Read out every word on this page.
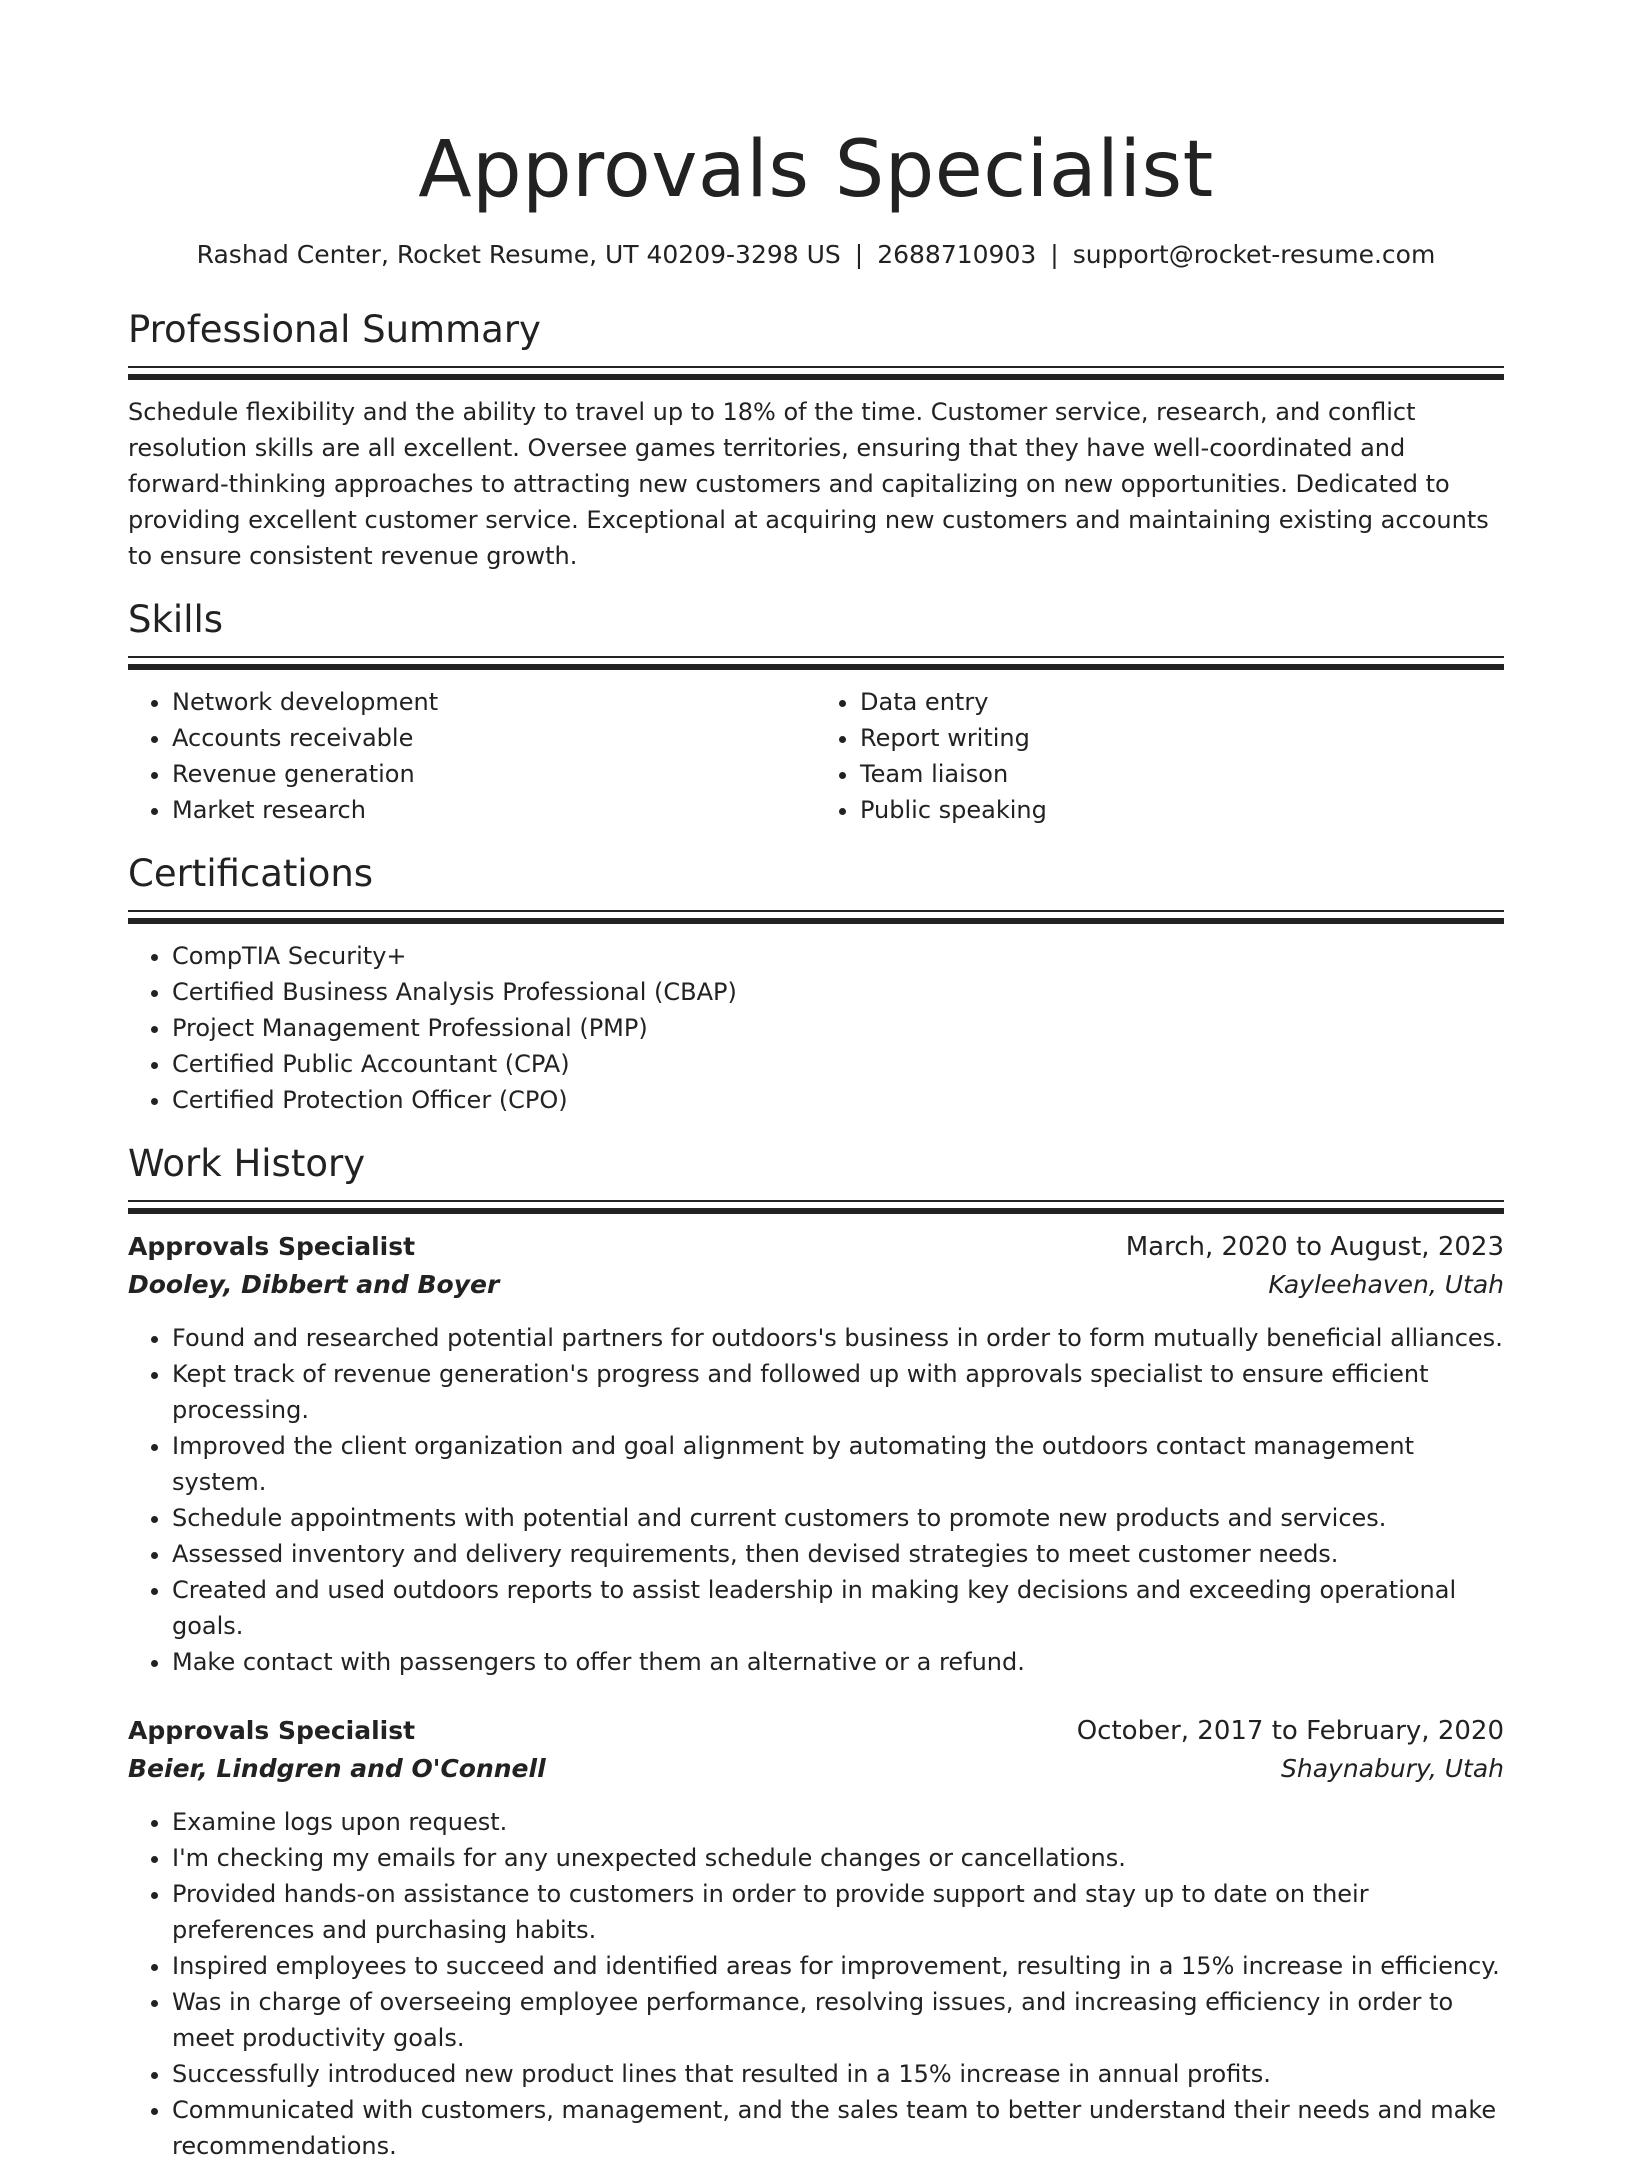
Approvals Specialist
Rashad Center, Rocket Resume, UT 40209-3298 US | 2688710903 | support@rocket-resume.com
Professional Summary

Schedule flexibility and the ability to travel up to 18% of the time. Customer service, research, and conflict resolution skills are all excellent. Oversee games territories, ensuring that they have well-coordinated and forward-thinking approaches to attracting new customers and capitalizing on new opportunities. Dedicated to providing excellent customer service. Exceptional at acquiring new customers and maintaining existing accounts to ensure consistent revenue growth.

Skills
• Network development
• Accounts receivable
• Revenue generation
• Market research
• Data entry
• Report writing
• Team liaison
• Public speaking
Certifications
• CompTIA Security+
• Certified Business Analysis Professional (CBAP)
• Project Management Professional (PMP)
• Certified Public Accountant (CPA)
• Certified Protection Officer (CPO)
Work History
Approvals Specialist	March, 2020 to August, 2023
Dooley, Dibbert and Boyer	Kayleehaven, Utah
• Found and researched potential partners for outdoors's business in order to form mutually beneficial alliances.
• Kept track of revenue generation's progress and followed up with approvals specialist to ensure efficient processing.
• Improved the client organization and goal alignment by automating the outdoors contact management system.
• Schedule appointments with potential and current customers to promote new products and services.
• Assessed inventory and delivery requirements, then devised strategies to meet customer needs.
• Created and used outdoors reports to assist leadership in making key decisions and exceeding operational goals.
• Make contact with passengers to offer them an alternative or a refund.
Approvals Specialist	October, 2017 to February, 2020
Beier, Lindgren and O'Connell	Shaynabury, Utah
• Examine logs upon request.
• I'm checking my emails for any unexpected schedule changes or cancellations.
• Provided hands-on assistance to customers in order to provide support and stay up to date on their preferences and purchasing habits.
• Inspired employees to succeed and identified areas for improvement, resulting in a 15% increase in efficiency.
• Was in charge of overseeing employee performance, resolving issues, and increasing efficiency in order to meet productivity goals.
• Successfully introduced new product lines that resulted in a 15% increase in annual profits.
• Communicated with customers, management, and the sales team to better understand their needs and make recommendations.
